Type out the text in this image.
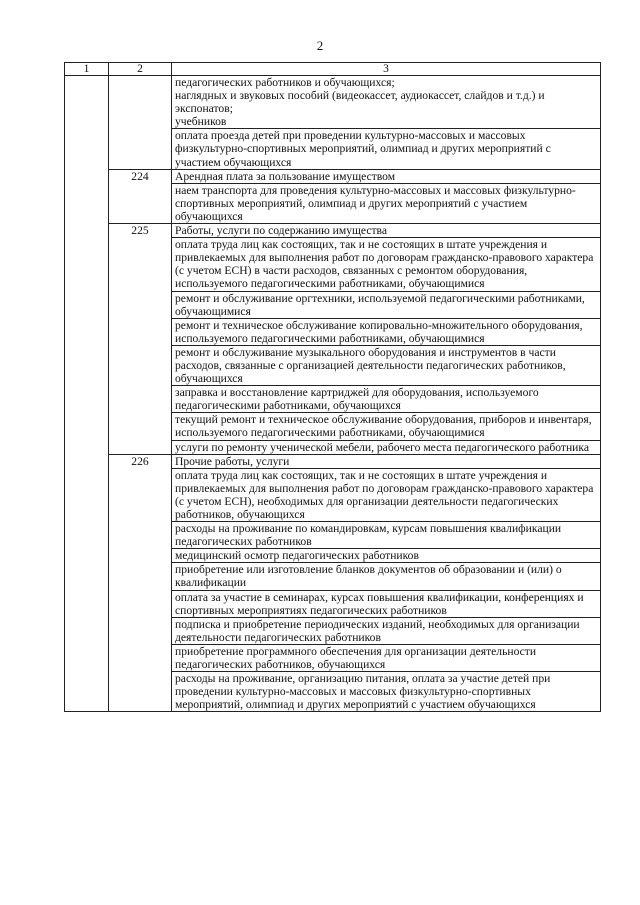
2
1	2	3
		педагогических работников и обучающихся;
наглядных и звуковых пособий (видеокассет, аудиокассет, слайдов и т.д.) и экспонатов;
учебников
		оплата проезда детей при проведении культурно-массовых и массовых физкультурно-спортивных мероприятий, олимпиад и других мероприятий с участием обучающихся
	224	Арендная плата за пользование имуществом
		наем транспорта для проведения культурно-массовых и массовых физкультурно-спортивных мероприятий, олимпиад и других мероприятий с участием обучающихся
	225	Работы, услуги по содержанию имущества
		оплата труда лиц как состоящих, так и не состоящих в штате учреждения и привлекаемых для выполнения работ по договорам гражданско-правового характера (с учетом ЕСН) в части расходов, связанных с ремонтом оборудования, используемого педагогическими работниками, обучающимися
		ремонт и обслуживание оргтехники, используемой педагогическими работниками, обучающимися
		ремонт и техническое обслуживание копировально-множительного оборудования, используемого педагогическими работниками, обучающимися
		ремонт и обслуживание музыкального оборудования и инструментов в части расходов, связанные с организацией деятельности педагогических работников, обучающихся
		заправка и восстановление картриджей для оборудования, используемого педагогическими работниками, обучающихся
		текущий ремонт и техническое обслуживание оборудования, приборов и инвентаря, используемого педагогическими работниками, обучающимися
		услуги по ремонту ученической мебели, рабочего места педагогического работника
	226	Прочие работы, услуги
		оплата труда лиц как состоящих, так и не состоящих в штате учреждения и привлекаемых для выполнения работ по договорам гражданско-правового характера (с учетом ЕСН), необходимых для организации деятельности педагогических работников, обучающихся
		расходы на проживание по командировкам, курсам повышения квалификации педагогических работников
		медицинский осмотр педагогических работников
		приобретение или изготовление бланков документов об образовании и (или) о квалификации
		оплата за участие в семинарах, курсах повышения квалификации, конференциях и спортивных мероприятиях педагогических работников
		подписка и приобретение периодических изданий, необходимых для организации деятельности педагогических работников
		приобретение программного обеспечения для организации деятельности педагогических работников, обучающихся
		расходы на проживание, организацию питания, оплата за участие детей при проведении культурно-массовых и массовых физкультурно-спортивных мероприятий, олимпиад и других мероприятий с участием обучающихся
